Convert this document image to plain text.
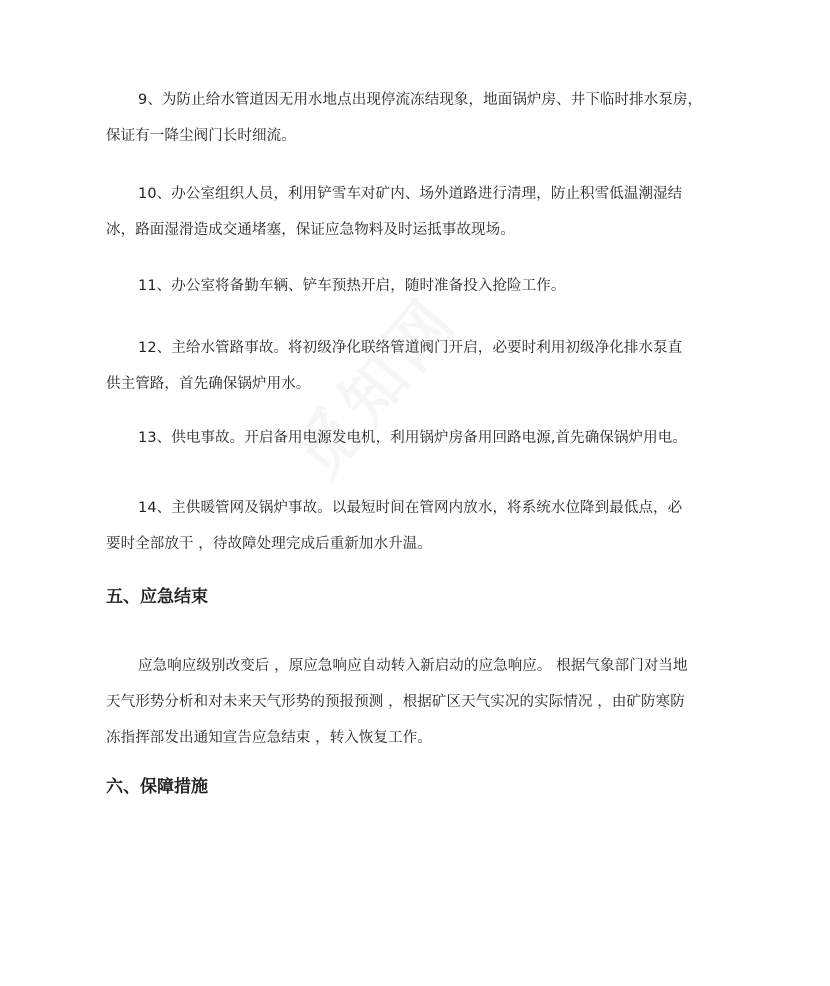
9、为防止给水管道因无用水地点出现停流冻结现象，地面锅炉房、井下临时排水泵房，
保证有一降尘阀门长时细流。
10、办公室组织人员，利用铲雪车对矿内、场外道路进行清理，防止积雪低温潮湿结
冰，路面湿滑造成交通堵塞，保证应急物料及时运抵事故现场。
11、办公室将备勤车辆、铲车预热开启，随时准备投入抢险工作。
12、主给水管路事故。将初级净化联络管道阀门开启，必要时利用初级净化排水泵直
供主管路，首先确保锅炉用水。
13、供电事故。开启备用电源发电机，利用锅炉房备用回路电源,首先确保锅炉用电。
14、主供暖管网及锅炉事故。以最短时间在管网内放水，将系统水位降到最低点，必
要时全部放干 ，待故障处理完成后重新加水升温。
五、应急结束
应急响应级别改变后 ，原应急响应自动转入新启动的应急响应。 根据气象部门对当地
天气形势分析和对未来天气形势的预报预测 ，根据矿区天气实况的实际情况 ，由矿防寒防
冻指挥部发出通知宣告应急结束 ，转入恢复工作。
六、保障措施
